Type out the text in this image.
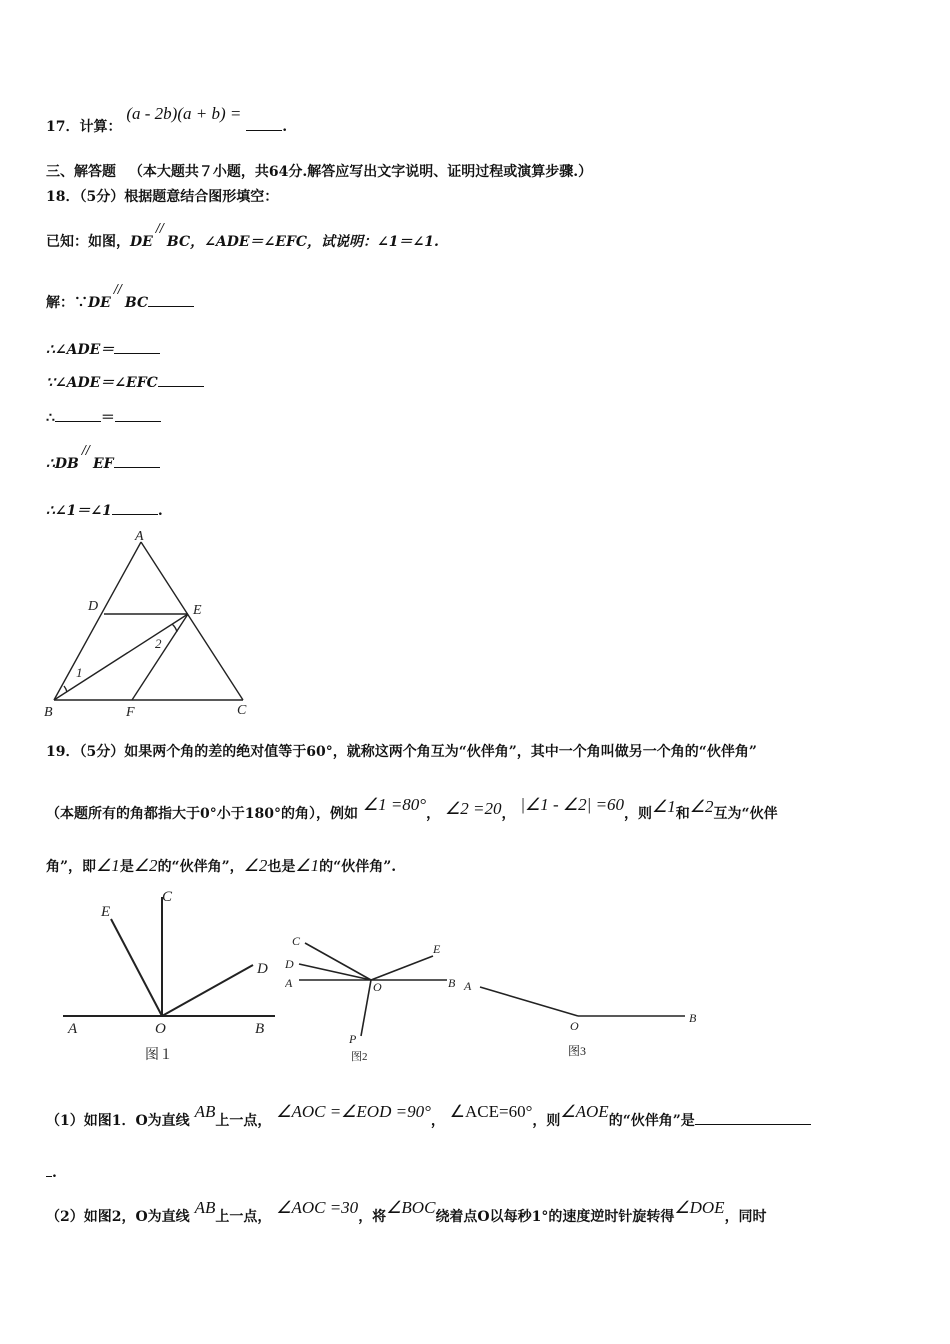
17．计算： (a - 2b)(a + b) = .
三、解答题 （本大题共７小题，共64分.解答应写出文字说明、证明过程或演算步骤.）
18．（5分）根据题意结合图形填空：
已知：如图，DE//BC，∠ADE＝∠EFC，试说明：∠1＝∠1.
解：∵DE//BC
∴∠ADE＝
∵∠ADE＝∠EFC
∴	＝
∴DB//EF
∴∠1＝∠1	.
A
D	E
B	F	C
1
2
19．（5分）如果两个角的差的绝对值等于60°，就称这两个角互为“伙伴角”，其中一个角叫做另一个角的“伙伴角”
（本题所有的角都指大于0°小于180°的角），例如 ∠1 =80°， ∠2 =20， |∠1 - ∠2| =60，则∠1和∠2互为“伙伴
角”，即∠1是∠2的“伙伴角”，∠2也是∠1的“伙伴角”.
E
C
D
A	O	B
图１
C
E
D
A	O	B
P
图2
A
O
B
图3
（1）如图1．O为直线 AB上一点， ∠AOC =∠EOD =90°， ∠ACE=60°，则∠AOE的“伙伴角”是
.
（2）如图2，O为直线 AB上一点， ∠AOC =30，将∠BOC绕着点O以每秒1°的速度逆时针旋转得∠DOE，同时
